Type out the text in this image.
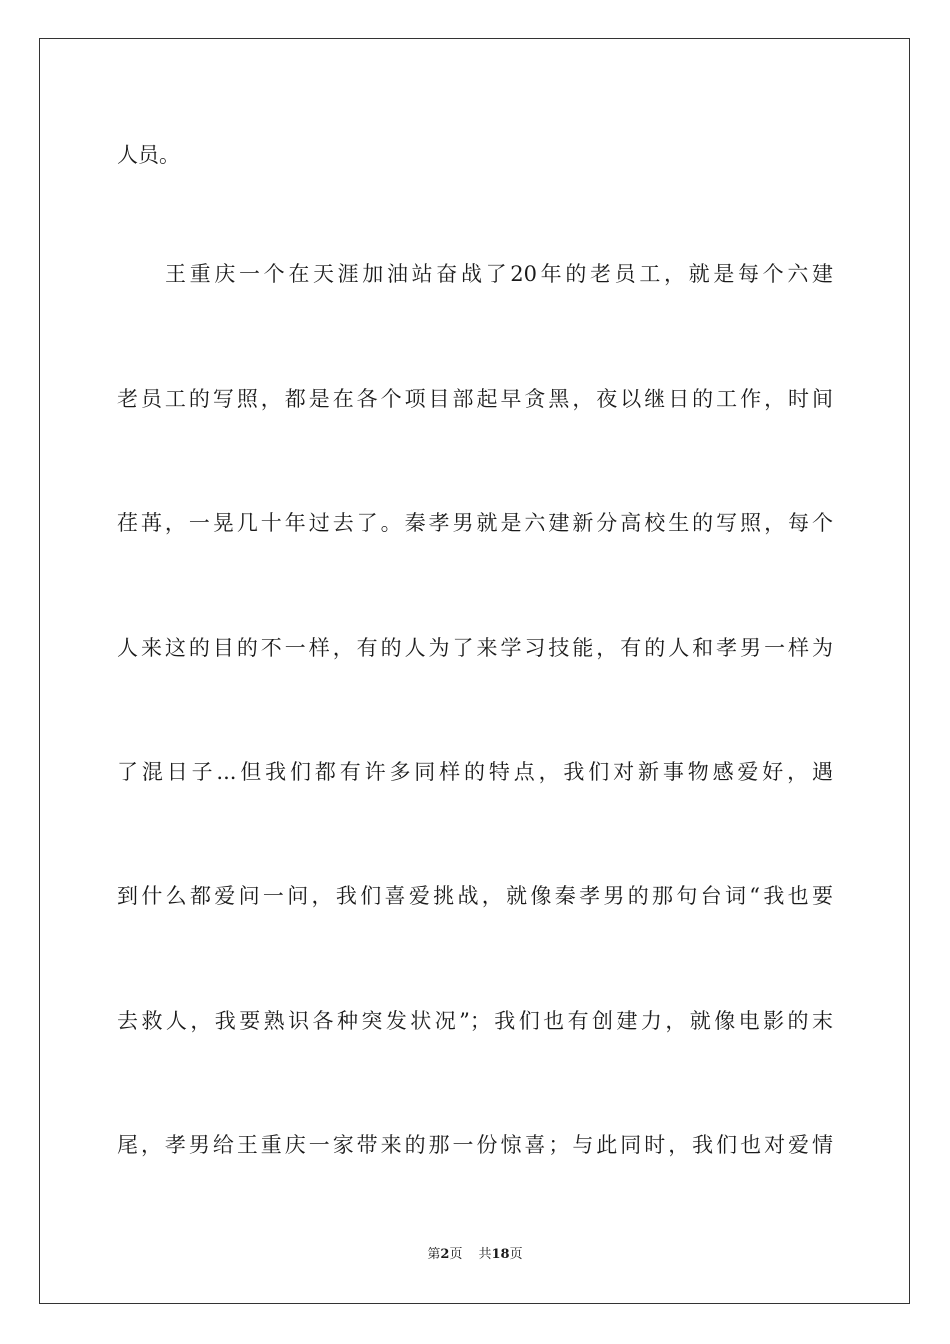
人员。
王重庆一个在天涯加油站奋战了20年的老员工，就是每个六建
老员工的写照，都是在各个项目部起早贪黑，夜以继日的工作，时间
荏苒，一晃几十年过去了。秦孝男就是六建新分高校生的写照，每个
人来这的目的不一样，有的人为了来学习技能，有的人和孝男一样为
了混日子...但我们都有许多同样的特点，我们对新事物感爱好，遇
到什么都爱问一问，我们喜爱挑战，就像秦孝男的那句台词“我也要
去救人，我要熟识各种突发状况”；我们也有创建力，就像电影的末
尾，孝男给王重庆一家带来的那一份惊喜；与此同时，我们也对爱情
第2页 共18页
